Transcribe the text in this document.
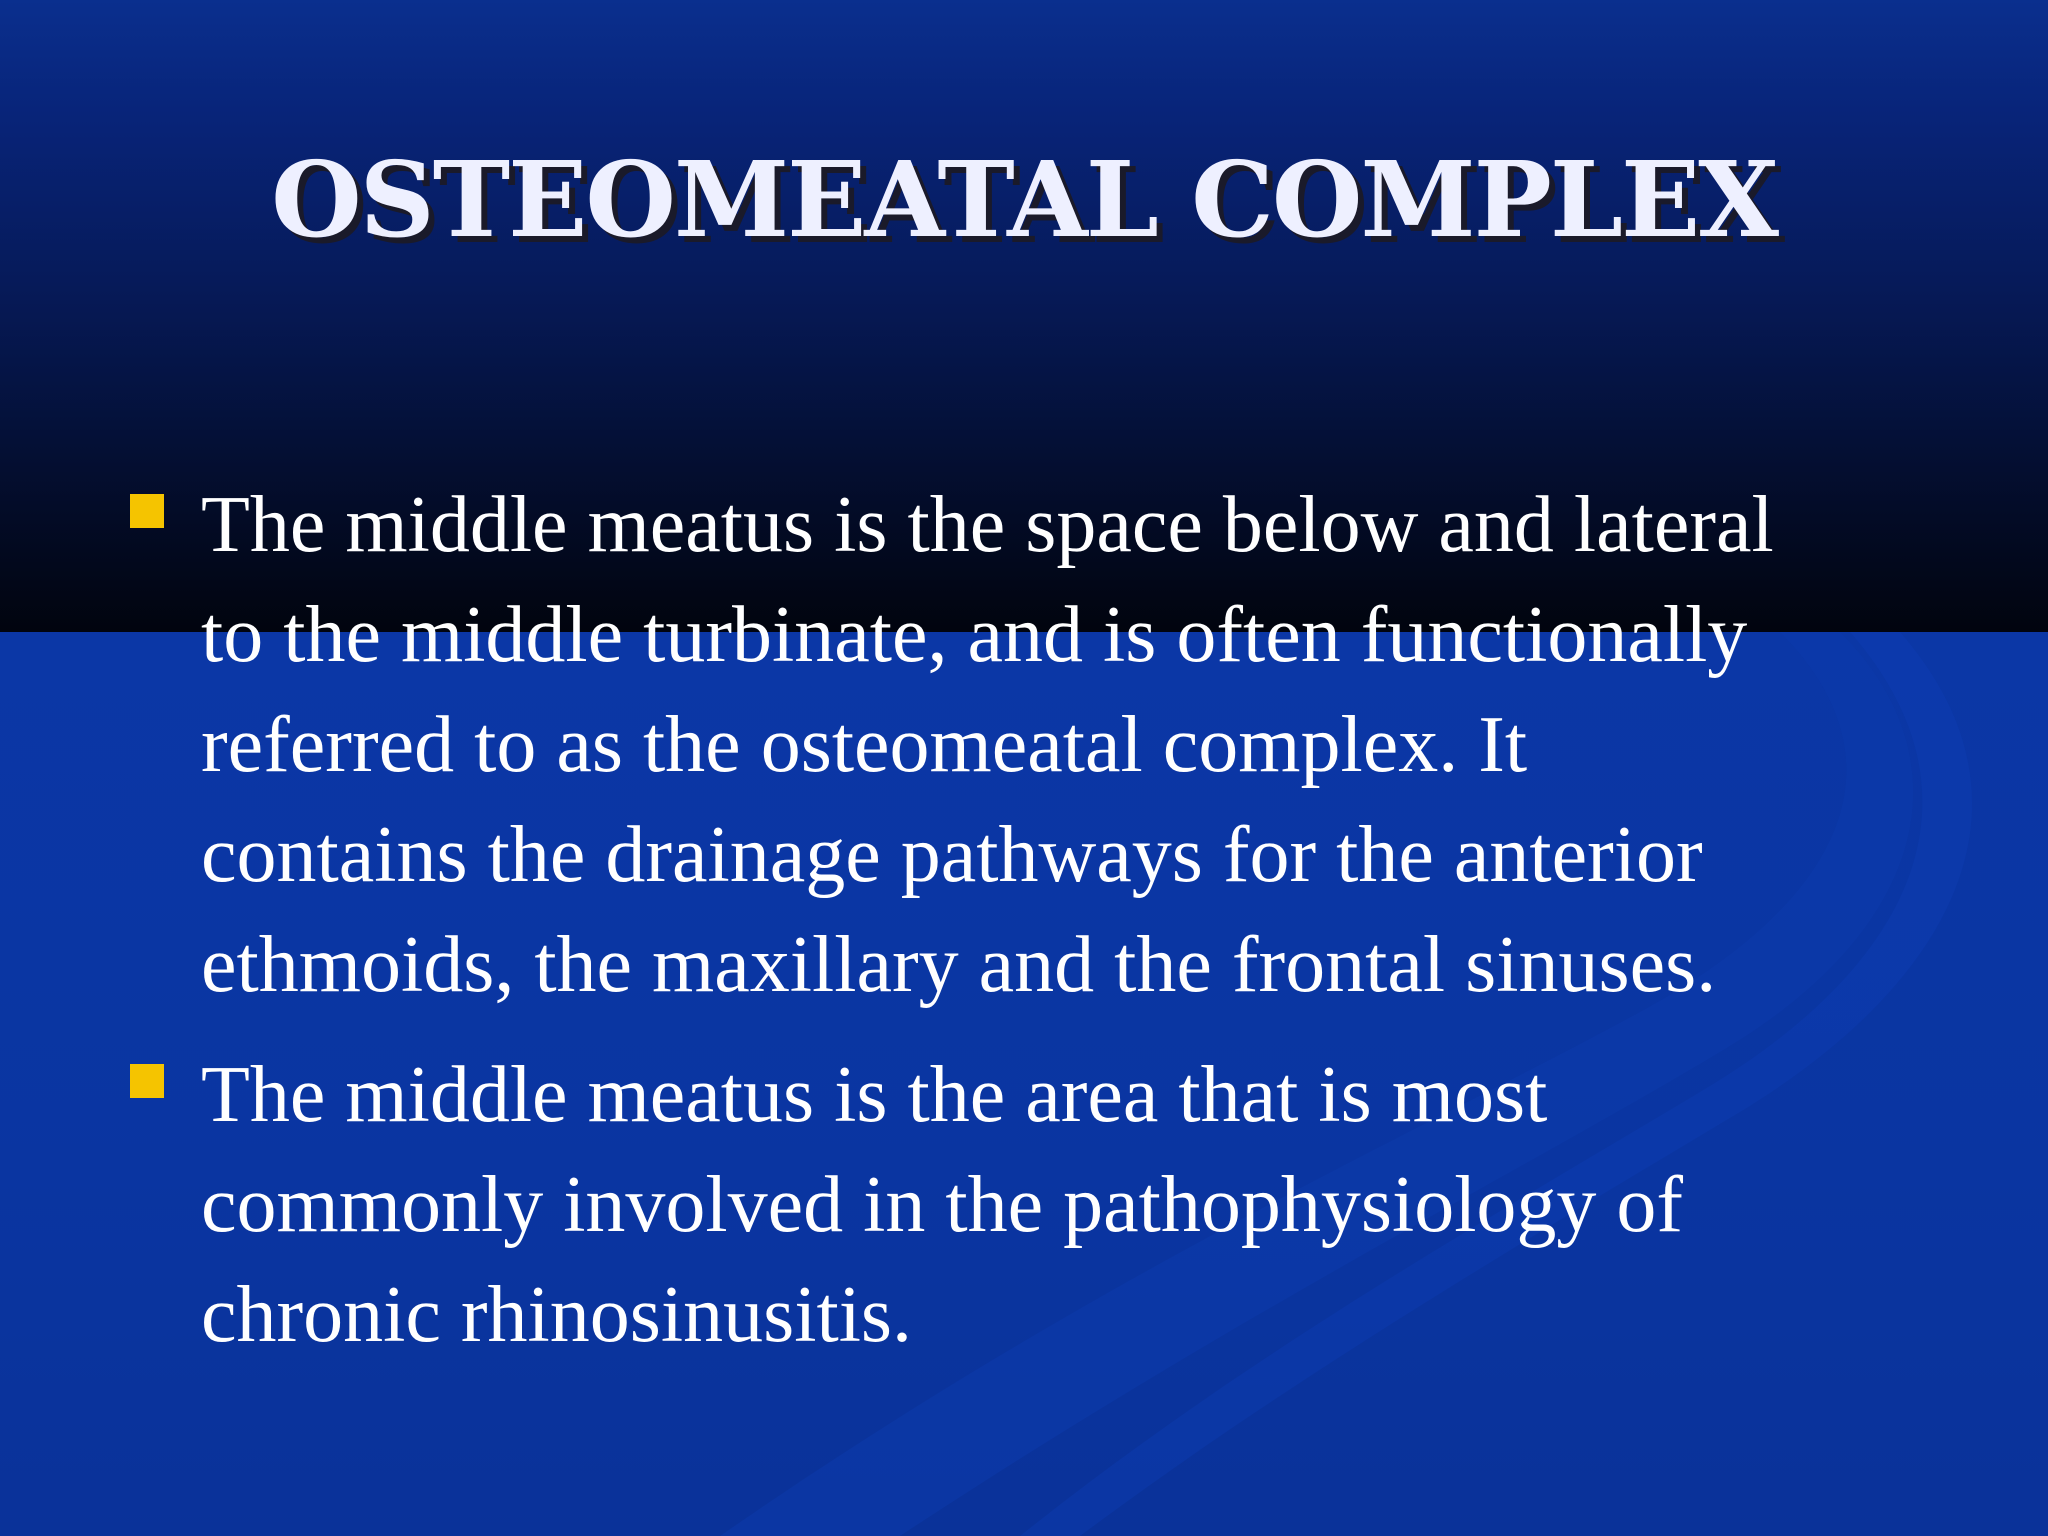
OSTEOMEATAL COMPLEX
The middle meatus is the space below and lateral
to the middle turbinate, and is often functionally
referred to as the osteomeatal complex. It
contains the drainage pathways for the anterior
ethmoids, the maxillary and the frontal sinuses.
The middle meatus is the area that is most
commonly involved in the pathophysiology of
chronic rhinosinusitis.
